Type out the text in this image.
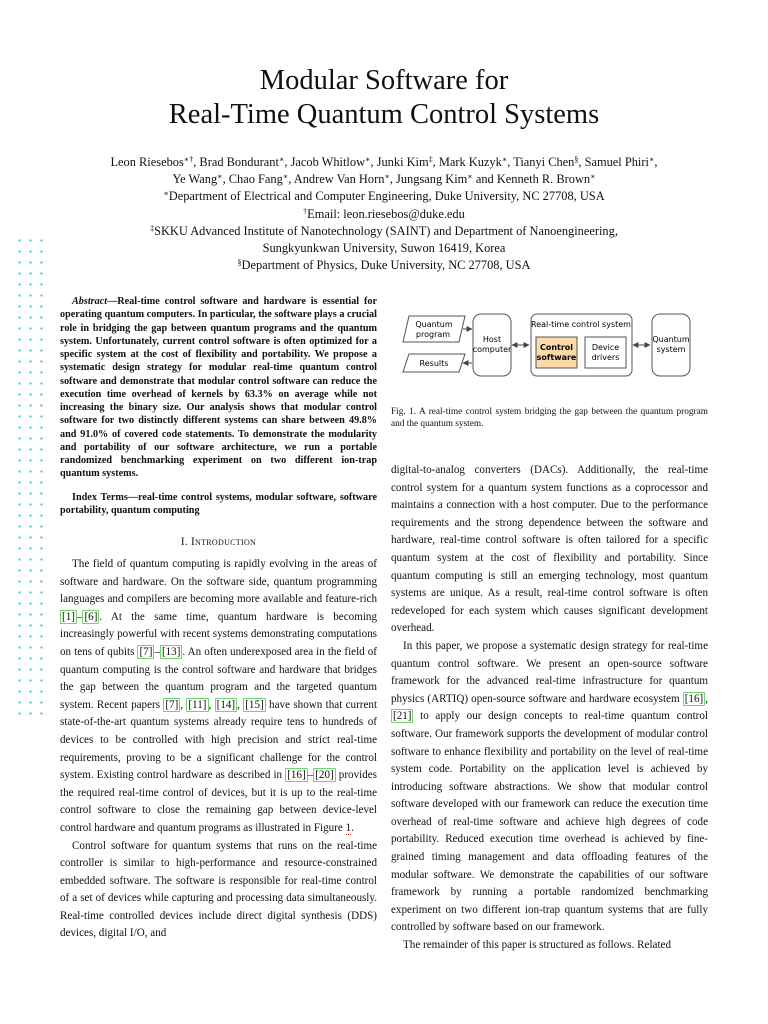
Modular Software for
Real-Time Quantum Control Systems
Leon Riesebos∗†, Brad Bondurant∗, Jacob Whitlow∗, Junki Kim‡, Mark Kuzyk∗, Tianyi Chen§, Samuel Phiri∗,
Ye Wang∗, Chao Fang∗, Andrew Van Horn∗, Jungsang Kim∗ and Kenneth R. Brown∗
∗Department of Electrical and Computer Engineering, Duke University, NC 27708, USA
†Email: leon.riesebos@duke.edu
‡SKKU Advanced Institute of Nanotechnology (SAINT) and Department of Nanoengineering,
Sungkyunkwan University, Suwon 16419, Korea
§Department of Physics, Duke University, NC 27708, USA
Abstract—Real-time control software and hardware is essential for operating quantum computers. In particular, the software plays a crucial role in bridging the gap between quantum programs and the quantum system. Unfortunately, current control software is often optimized for a specific system at the cost of flexibility and portability. We propose a systematic design strategy for modular real-time quantum control software and demonstrate that modular control software can reduce the execution time overhead of kernels by 63.3% on average while not increasing the binary size. Our analysis shows that modular control software for two distinctly different systems can share between 49.8% and 91.0% of covered code statements. To demonstrate the modularity and portability of our software architecture, we run a portable randomized benchmarking experiment on two different ion-trap quantum systems.
Index Terms—real-time control systems, modular software, software portability, quantum computing
I. Introduction

The field of quantum computing is rapidly evolving in the areas of software and hardware. On the software side, quantum programming languages and compilers are becoming more available and feature-rich [1] – [6] . At the same time, quantum hardware is becoming increasingly powerful with recent systems demonstrating computations on tens of qubits [7] – [13] . An often underexposed area in the field of quantum computing is the control software and hardware that bridges the gap between the quantum program and the targeted quantum system. Recent papers [7] , [11] , [14] , [15] have shown that current state-of-the-art quantum systems already require tens to hundreds of devices to be controlled with high precision and strict real-time requirements, proving to be a significant challenge for the control system. Existing control hardware as described in [16] – [20] provides the required real-time control of devices, but it is up to the real-time control software to close the remaining gap between device-level control hardware and quantum programs as illustrated in Figure 1.

Control software for quantum systems that runs on the real-time controller is similar to high-performance and resource-constrained embedded software. The software is responsible for real-time control of a set of devices while capturing and processing data simultaneously. Real-time controlled devices include direct digital synthesis (DDS) devices, digital I/O, and

Quantum
program
Results
Host
computer
Real-time control system
Control
software
Device
drivers
Quantum
system
Fig. 1. A real-time control system bridging the gap between the quantum program and the quantum system.

digital-to-analog converters (DACs). Additionally, the real-time control system for a quantum system functions as a coprocessor and maintains a connection with a host computer. Due to the performance requirements and the strong dependence between the software and hardware, real-time control software is often tailored for a specific quantum system at the cost of flexibility and portability. Since quantum computing is still an emerging technology, most quantum systems are unique. As a result, real-time control software is often redeveloped for each system which causes significant development overhead.

In this paper, we propose a systematic design strategy for real-time quantum control software. We present an open-source software framework for the advanced real-time infrastructure for quantum physics (ARTIQ) open-source software and hardware ecosystem [16] , [21] to apply our design concepts to real-time quantum control software. Our framework supports the development of modular control software to enhance flexibility and portability on the level of real-time system code. Portability on the application level is achieved by introducing software abstractions. We show that modular control software developed with our framework can reduce the execution time overhead of real-time software and achieve high degrees of code portability. Reduced execution time overhead is achieved by fine-grained timing management and data offloading features of the modular software. We demonstrate the capabilities of our software framework by running a portable randomized benchmarking experiment on two different ion-trap quantum systems that are fully controlled by software based on our framework.

The remainder of this paper is structured as follows. Related
